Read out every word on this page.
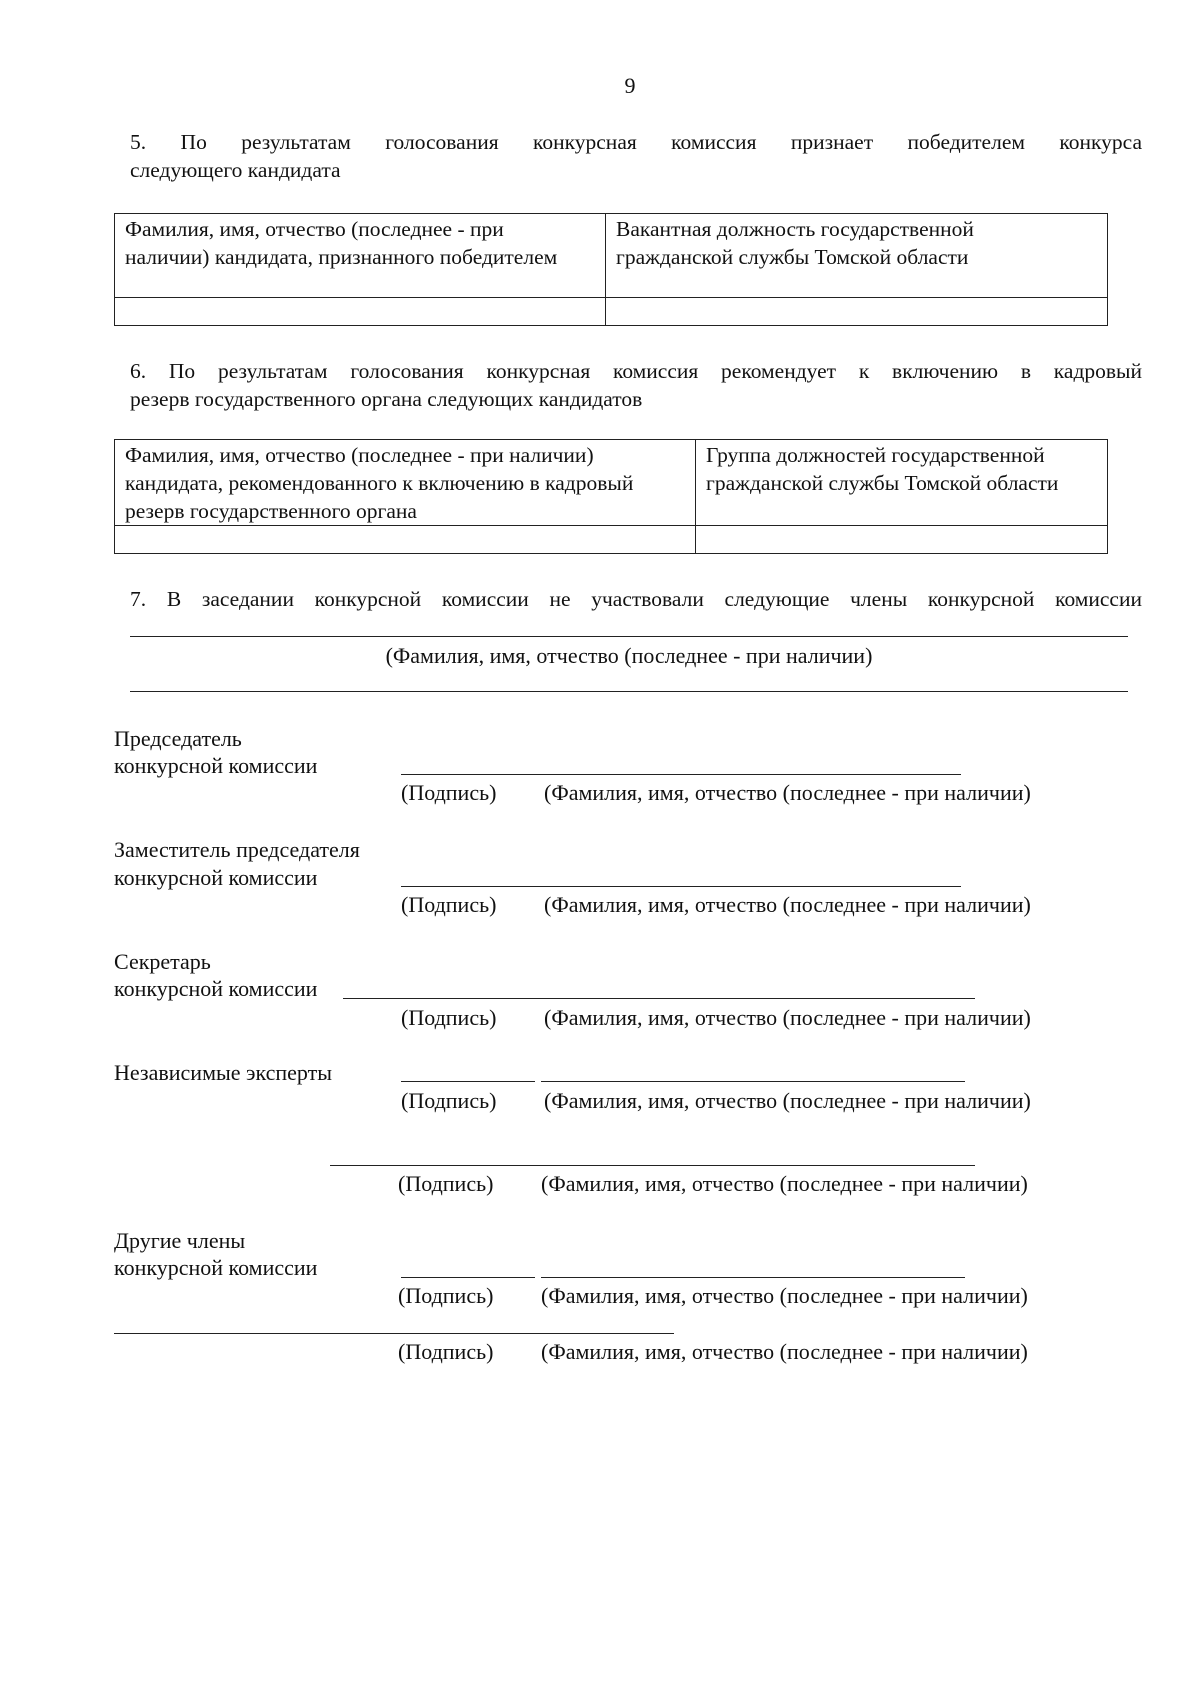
9
5. По результатам голосования конкурсная комиссия признает победителем конкурса
следующего кандидата
Фамилия, имя, отчество (последнее - при наличии) кандидата, признанного победителем	Вакантная должность государственной гражданской службы Томской области

6. По результатам голосования конкурсная комиссия рекомендует к включению в кадровый
резерв государственного органа следующих кандидатов
Фамилия, имя, отчество (последнее - при наличии) кандидата, рекомендованного к включению в кадровый резерв государственного органа	Группа должностей государственной гражданской службы Томской области

7. В заседании конкурсной комиссии не участвовали следующие члены конкурсной комиссии
(Фамилия, имя, отчество (последнее - при наличии)
Председатель
конкурсной комиссии
(Подпись) (Фамилия, имя, отчество (последнее - при наличии)
Заместитель председателя
конкурсной комиссии
(Подпись) (Фамилия, имя, отчество (последнее - при наличии)
Секретарь
конкурсной комиссии
(Подпись) (Фамилия, имя, отчество (последнее - при наличии)
Независимые эксперты
(Подпись) (Фамилия, имя, отчество (последнее - при наличии)
(Подпись) (Фамилия, имя, отчество (последнее - при наличии)
Другие члены
конкурсной комиссии
(Подпись) (Фамилия, имя, отчество (последнее - при наличии)
(Подпись) (Фамилия, имя, отчество (последнее - при наличии)
